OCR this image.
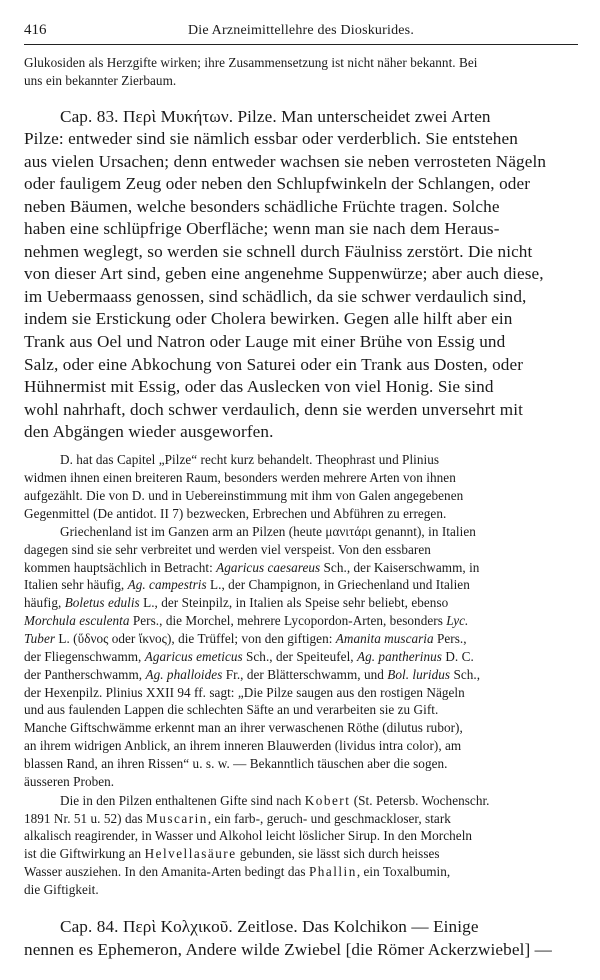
416	Die Arzneimittellehre des Dioskurides.
Glukosiden als Herzgifte wirken; ihre Zusammensetzung ist nicht näher bekannt. Bei
uns ein bekannter Zierbaum.
Cap. 83. Περὶ Μυκήτων. Pilze. Man unterscheidet zwei Arten
Pilze: entweder sind sie nämlich essbar oder verderblich. Sie entstehen
aus vielen Ursachen; denn entweder wachsen sie neben verrosteten Nägeln
oder fauligem Zeug oder neben den Schlupfwinkeln der Schlangen, oder
neben Bäumen, welche besonders schädliche Früchte tragen. Solche
haben eine schlüpfrige Oberfläche; wenn man sie nach dem Heraus-
nehmen weglegt, so werden sie schnell durch Fäulniss zerstört. Die nicht
von dieser Art sind, geben eine angenehme Suppenwürze; aber auch diese,
im Uebermaass genossen, sind schädlich, da sie schwer verdaulich sind,
indem sie Erstickung oder Cholera bewirken. Gegen alle hilft aber ein
Trank aus Oel und Natron oder Lauge mit einer Brühe von Essig und
Salz, oder eine Abkochung von Saturei oder ein Trank aus Dosten, oder
Hühnermist mit Essig, oder das Auslecken von viel Honig. Sie sind
wohl nahrhaft, doch schwer verdaulich, denn sie werden unversehrt mit
den Abgängen wieder ausgeworfen.
D. hat das Capitel „Pilze“ recht kurz behandelt. Theophrast und Plinius
widmen ihnen einen breiteren Raum, besonders werden mehrere Arten von ihnen
aufgezählt. Die von D. und in Uebereinstimmung mit ihm von Galen angegebenen
Gegenmittel (De antidot. II 7) bezwecken, Erbrechen und Abführen zu erregen.
Griechenland ist im Ganzen arm an Pilzen (heute μανιτάρι genannt), in Italien
dagegen sind sie sehr verbreitet und werden viel verspeist. Von den essbaren
kommen hauptsächlich in Betracht: Agaricus caesareus Sch., der Kaiserschwamm, in
Italien sehr häufig, Ag. campestris L., der Champignon, in Griechenland und Italien
häufig, Boletus edulis L., der Steinpilz, in Italien als Speise sehr beliebt, ebenso
Morchula esculenta Pers., die Morchel, mehrere Lycopordon-Arten, besonders Lyc.
Tuber L. (ὕδνος oder ἴκνος), die Trüffel; von den giftigen: Amanita muscaria Pers.,
der Fliegenschwamm, Agaricus emeticus Sch., der Speiteufel, Ag. pantherinus D. C.
der Pantherschwamm, Ag. phalloides Fr., der Blätterschwamm, und Bol. luridus Sch.,
der Hexenpilz. Plinius XXII 94 ff. sagt: „Die Pilze saugen aus den rostigen Nägeln
und aus faulenden Lappen die schlechten Säfte an und verarbeiten sie zu Gift.
Manche Giftschwämme erkennt man an ihrer verwaschenen Röthe (dilutus rubor),
an ihrem widrigen Anblick, an ihrem inneren Blauwerden (lividus intra color), am
blassen Rand, an ihren Rissen“ u. s. w. — Bekanntlich täuschen aber die sogen.
äusseren Proben.
Die in den Pilzen enthaltenen Gifte sind nach Kobert (St. Petersb. Wochenschr.
1891 Nr. 51 u. 52) das Muscarin, ein farb-, geruch- und geschmackloser, stark
alkalisch reagirender, in Wasser und Alkohol leicht löslicher Sirup. In den Morcheln
ist die Giftwirkung an Helvellasäure gebunden, sie lässt sich durch heisses
Wasser ausziehen. In den Amanita-Arten bedingt das Phallin, ein Toxalbumin,
die Giftigkeit.
Cap. 84. Περὶ Κολχικοῦ. Zeitlose. Das Kolchikon — Einige
nennen es Ephemeron, Andere wilde Zwiebel [die Römer Ackerzwiebel] —
